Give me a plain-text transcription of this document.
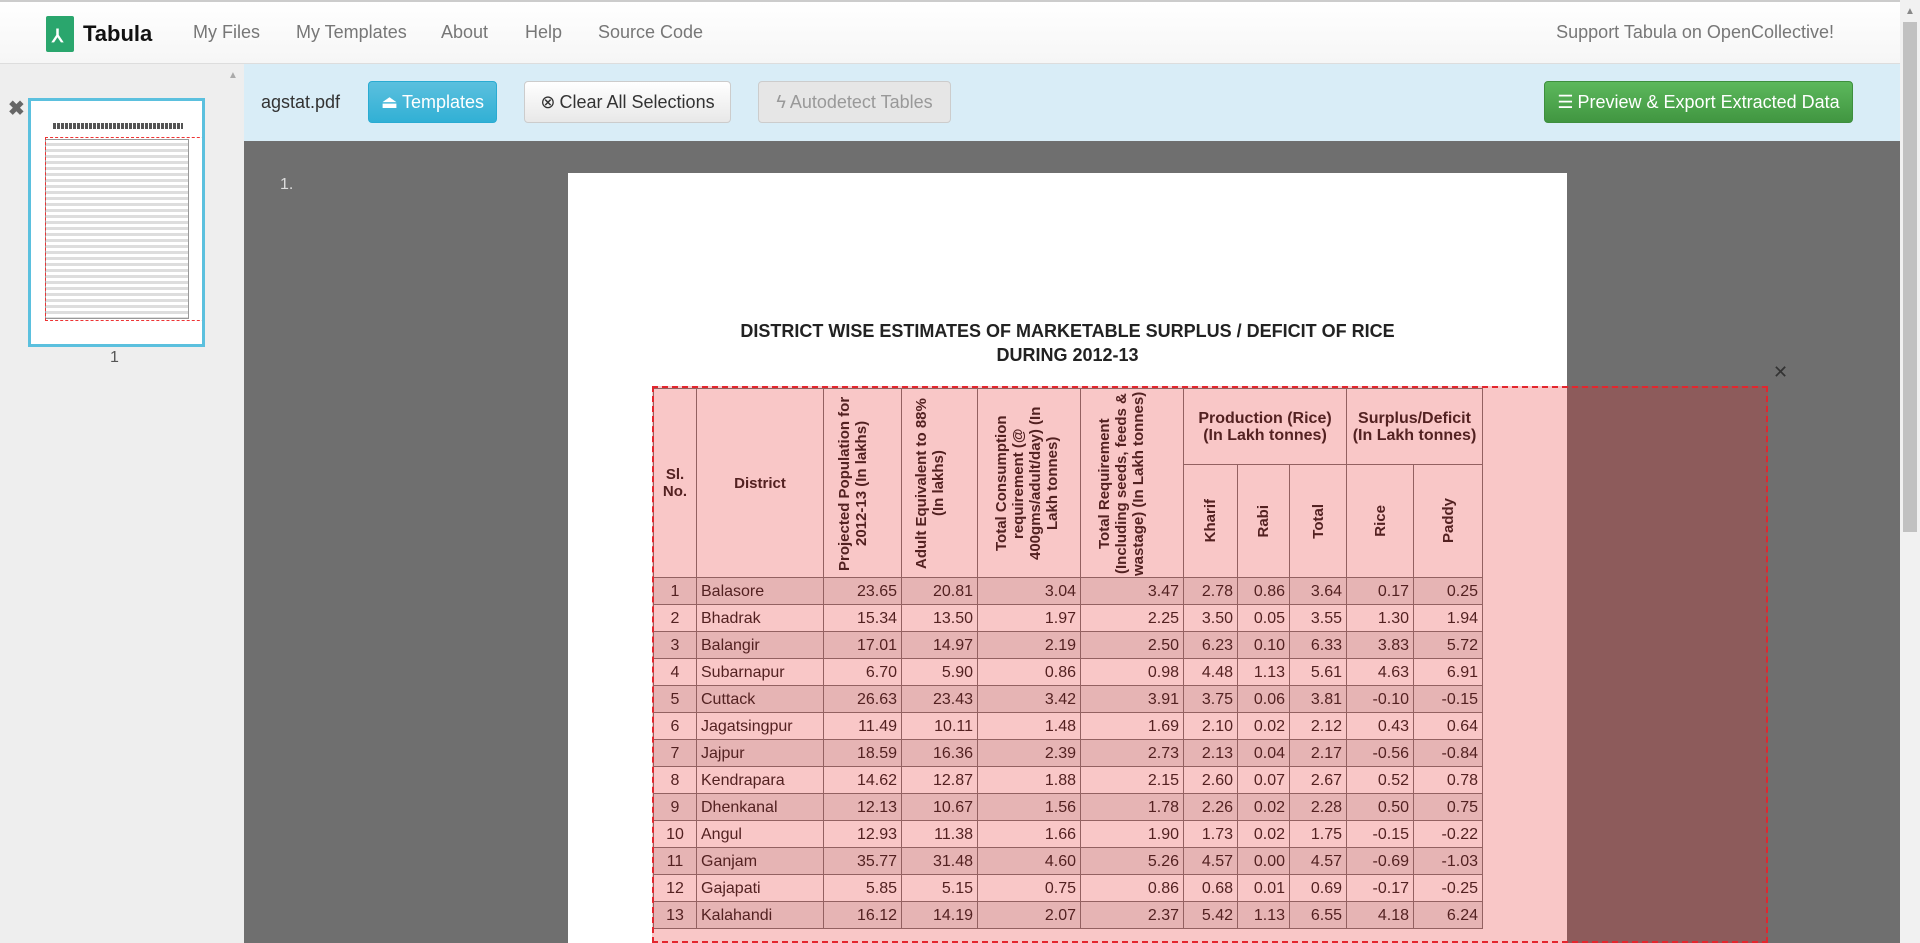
⅄
Tabula My Files My Templates About Help Source Code	Support Tabula on OpenCollective!
▲
✖
1
agstat.pdf ⏏ Templates	⊗ Clear All Selections	ϟ Autodetect Tables	☰ Preview & Export Extracted Data
1.
DISTRICT WISE ESTIMATES OF MARKETABLE SURPLUS / DEFICIT OF RICE
DURING 2012-13
Sl. No.	District	Projected Population for 2012-13 (In lakhs)	Adult Equivalent to 88% (In lakhs)	Total Consumption requirement (@ 400gms/adult/day) (In Lakh tonnes)	Total Requirement (Including seeds, feeds & wastage) (In Lakh tonnes)	Production (Rice) (In Lakh tonnes)			Surplus/Deficit (In Lakh tonnes)	

						Kharif	Rabi	Total	Rice	Paddy

1	Balasore	23.65	20.81	3.04	3.47	2.78	0.86	3.64	0.17	0.25
2	Bhadrak	15.34	13.50	1.97	2.25	3.50	0.05	3.55	1.30	1.94
3	Balangir	17.01	14.97	2.19	2.50	6.23	0.10	6.33	3.83	5.72
4	Subarnapur	6.70	5.90	0.86	0.98	4.48	1.13	5.61	4.63	6.91
5	Cuttack	26.63	23.43	3.42	3.91	3.75	0.06	3.81	-0.10	-0.15
6	Jagatsingpur	11.49	10.11	1.48	1.69	2.10	0.02	2.12	0.43	0.64
7	Jajpur	18.59	16.36	2.39	2.73	2.13	0.04	2.17	-0.56	-0.84
8	Kendrapara	14.62	12.87	1.88	2.15	2.60	0.07	2.67	0.52	0.78
9	Dhenkanal	12.13	10.67	1.56	1.78	2.26	0.02	2.28	0.50	0.75
10	Angul	12.93	11.38	1.66	1.90	1.73	0.02	1.75	-0.15	-0.22
11	Ganjam	35.77	31.48	4.60	5.26	4.57	0.00	4.57	-0.69	-1.03
12	Gajapati	5.85	5.15	0.75	0.86	0.68	0.01	0.69	-0.17	-0.25
13	Kalahandi	16.12	14.19	2.07	2.37	5.42	1.13	6.55	4.18	6.24
✕
▲
